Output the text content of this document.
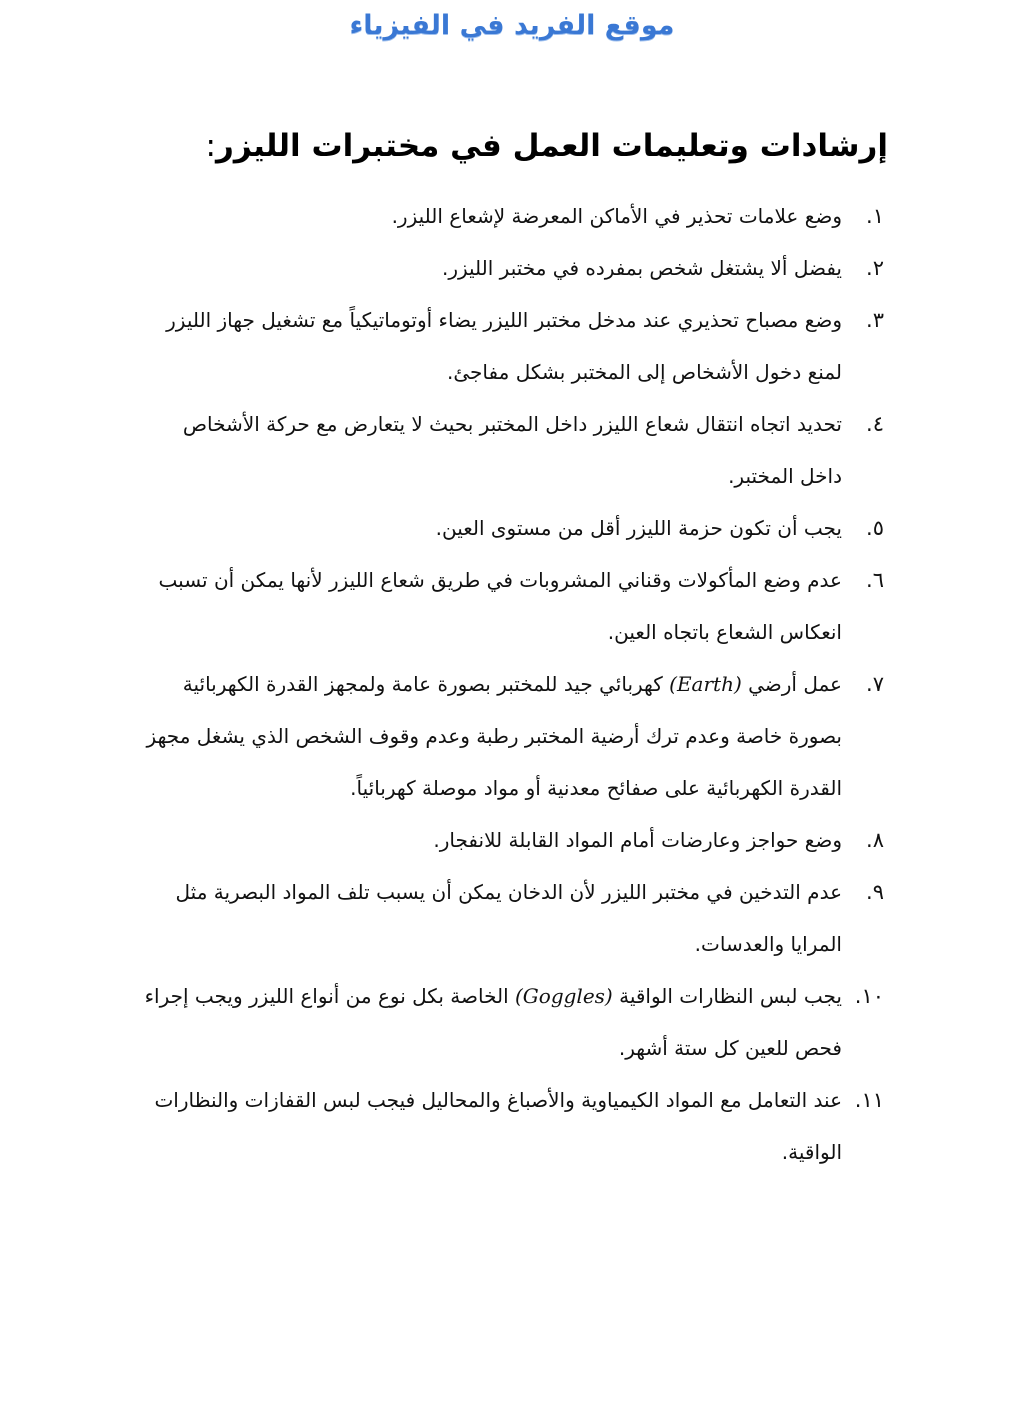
موقع الفريد في الفيزياء
إرشادات وتعليمات العمل في مختبرات الليزر:
١.
وضع علامات تحذير في الأماكن المعرضة لإشعاع الليزر.
٢.
يفضل ألا يشتغل شخص بمفرده في مختبر الليزر.
٣.
وضع مصباح تحذيري عند مدخل مختبر الليزر يضاء أوتوماتيكياً مع تشغيل جهاز الليزر لمنع دخول الأشخاص إلى المختبر بشكل مفاجئ.
٤.
تحديد اتجاه انتقال شعاع الليزر داخل المختبر بحيث لا يتعارض مع حركة الأشخاص داخل المختبر.
٥.
يجب أن تكون حزمة الليزر أقل من مستوى العين.
٦.
عدم وضع المأكولات وقناني المشروبات في طريق شعاع الليزر لأنها يمكن أن تسبب انعكاس الشعاع باتجاه العين.
٧.
عمل أرضي (Earth) كهربائي جيد للمختبر بصورة عامة ولمجهز القدرة الكهربائية بصورة خاصة وعدم ترك أرضية المختبر رطبة وعدم وقوف الشخص الذي يشغل مجهز القدرة الكهربائية على صفائح معدنية أو مواد موصلة كهربائياً.
٨.
وضع حواجز وعارضات أمام المواد القابلة للانفجار.
٩.
عدم التدخين في مختبر الليزر لأن الدخان يمكن أن يسبب تلف المواد البصرية مثل المرايا والعدسات.
١٠.
يجب لبس النظارات الواقية (Goggles) الخاصة بكل نوع من أنواع الليزر ويجب إجراء فحص للعين كل ستة أشهر.
١١.
عند التعامل مع المواد الكيمياوية والأصباغ والمحاليل فيجب لبس القفازات والنظارات الواقية.
